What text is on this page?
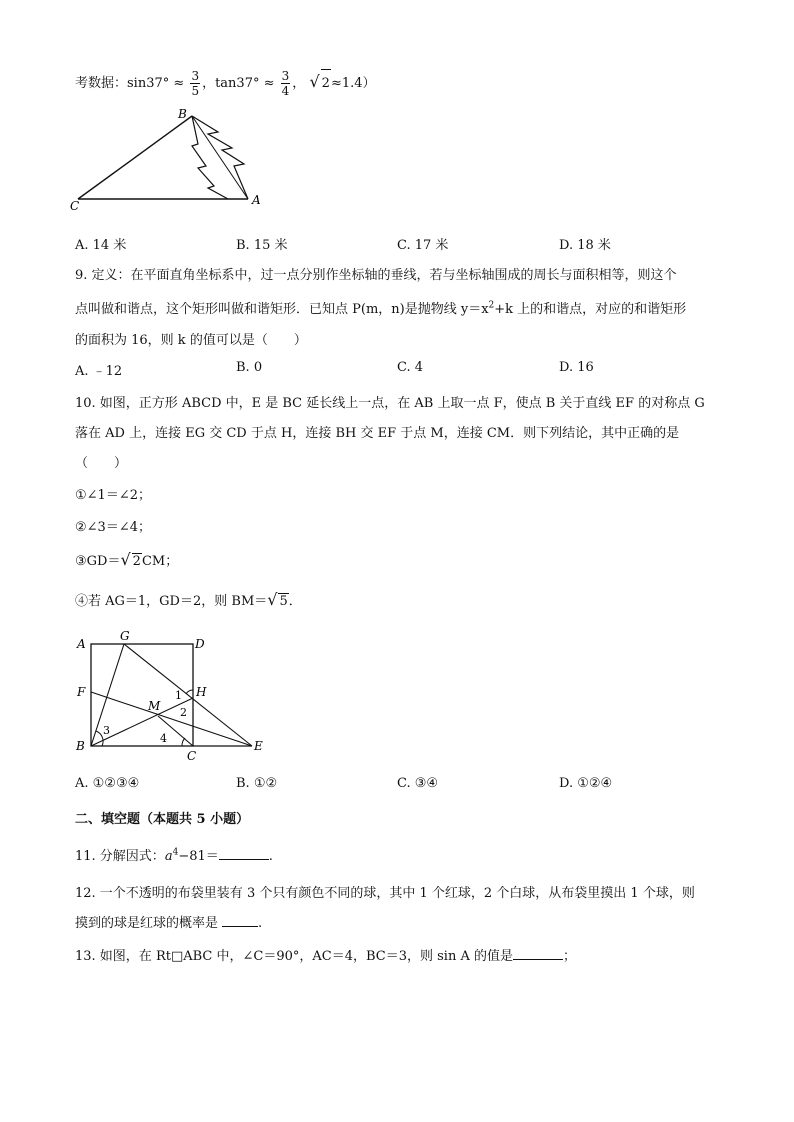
考数据：$\sin 37^\circ \approx \frac{3}{5}$ ，$\tan 37^\circ \approx \frac{3}{4}$ ， √ 2≈1.4）
B
C	A
A. 14 米	B. 15 米	C. 17 米	D. 18 米
9. 定义：在平面直角坐标系中，过一点分别作坐标轴的垂线，若与坐标轴围成的周长与面积相等，则这个
点叫做和谐点，这个矩形叫做和谐矩形．已知点 P(m，n)是抛物线 $y=x^2+k$ 上的和谐点，对应的和谐矩形
的面积为 16，则 k 的值可以是（　　）
A. ﹣12	B. 0	C. 4	D. 16
10. 如图，正方形 ABCD 中，E 是 BC 延长线上一点，在 AB 上取一点 F，使点 B 关于直线 EF 的对称点 G
落在 AD 上，连接 EG 交 CD 于点 H，连接 BH 交 EF 于点 M，连接 CM．则下列结论，其中正确的是
（　　）
①∠1＝∠2；
②∠3＝∠4；
③GD＝√ 2CM；
④若 AG＝1，GD＝2，则 BM＝√ 5．
A
G
D
F	H
M
B
C
E
1
2
3
4
A. ①②③④	B. ①②	C. ③④	D. ①②④
二、填空题（本题共 5 小题）
11. 分解因式：$a^4-81=$	.
12. 一个不透明的布袋里装有 3 个只有颜色不同的球，其中 1 个红球，2 个白球，从布袋里摸出 1 个球，则
摸到的球是红球的概率是	.
13. 如图，在 Rt□ABC 中，∠C＝90°，AC＝4，BC＝3，则 sin A 的值是	；
